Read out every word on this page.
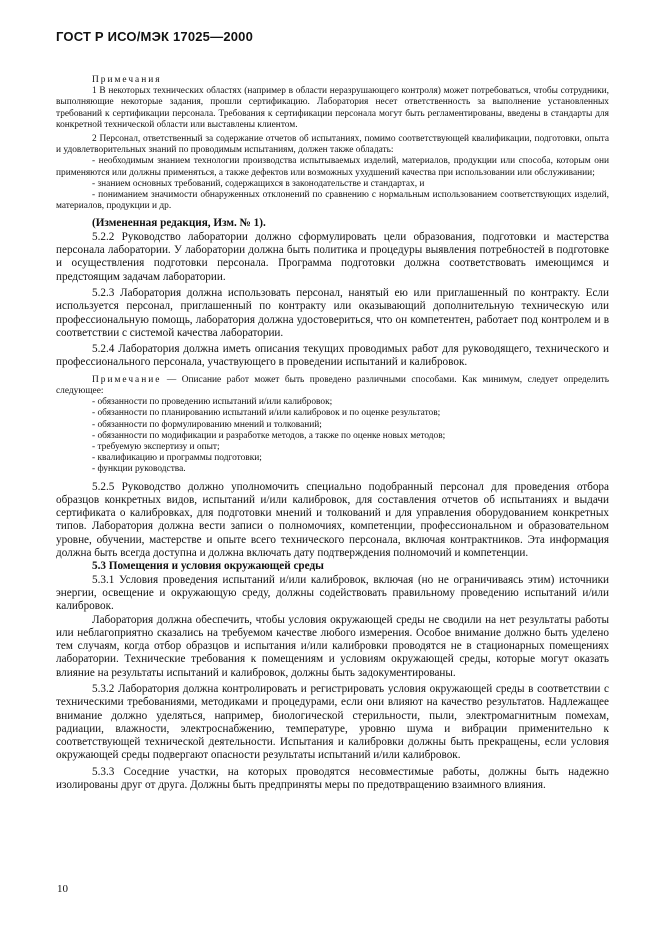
ГОСТ Р ИСО/МЭК 17025—2000

Примечания

1 В некоторых технических областях (например в области неразрушающего контроля) может потребоваться, чтобы сотрудники, выполняющие некоторые задания, прошли сертификацию. Лаборатория несет ответственность за выполнение установленных требований к сертификации персонала. Требования к сертификации персонала могут быть регламентированы, введены в стандарты для конкретной технической области или выставлены клиентом.

2 Персонал, ответственный за содержание отчетов об испытаниях, помимо соответствующей квалификации, подготовки, опыта и удовлетворительных знаний по проводимым испытаниям, должен также обладать:

- необходимым знанием технологии производства испытываемых изделий, материалов, продукции или способа, которым они применяются или должны применяться, а также дефектов или возможных ухудшений качества при использовании или обслуживании;

- знанием основных требований, содержащихся в законодательстве и стандартах, и

- пониманием значимости обнаруженных отклонений по сравнению с нормальным использованием соответствующих изделий, материалов, продукции и др.

(Измененная редакция, Изм. № 1).

5.2.2 Руководство лаборатории должно сформулировать цели образования, подготовки и мастерства персонала лаборатории. У лаборатории должна быть политика и процедуры выявления потребностей в подготовке и осуществления подготовки персонала. Программа подготовки должна соответствовать имеющимся и предстоящим задачам лаборатории.

5.2.3 Лаборатория должна использовать персонал, нанятый ею или приглашенный по контракту. Если используется персонал, приглашенный по контракту или оказывающий дополнительную техническую или профессиональную помощь, лаборатория должна удостовериться, что он компетентен, работает под контролем и в соответствии с системой качества лаборатории.

5.2.4 Лаборатория должна иметь описания текущих проводимых работ для руководящего, технического и профессионального персонала, участвующего в проведении испытаний и калибровок.

Примечание — Описание работ может быть проведено различными способами. Как минимум, следует определить следующее:

- обязанности по проведению испытаний и/или калибровок;

- обязанности по планированию испытаний и/или калибровок и по оценке результатов;

- обязанности по формулированию мнений и толкований;

- обязанности по модификации и разработке методов, а также по оценке новых методов;

- требуемую экспертизу и опыт;

- квалификацию и программы подготовки;

- функции руководства.

5.2.5 Руководство должно уполномочить специально подобранный персонал для проведения отбора образцов конкретных видов, испытаний и/или калибровок, для составления отчетов об испытаниях и выдачи сертификата о калибровках, для подготовки мнений и толкований и для управления оборудованием конкретных типов. Лаборатория должна вести записи о полномочиях, компетенции, профессиональном и образовательном уровне, обучении, мастерстве и опыте всего технического персонала, включая контрактников. Эта информация должна быть всегда доступна и должна включать дату подтверждения полномочий и компетенции.

5.3 Помещения и условия окружающей среды

5.3.1 Условия проведения испытаний и/или калибровок, включая (но не ограничиваясь этим) источники энергии, освещение и окружающую среду, должны содействовать правильному проведению испытаний и/или калибровок.

Лаборатория должна обеспечить, чтобы условия окружающей среды не сводили на нет результаты работы или неблагоприятно сказались на требуемом качестве любого измерения. Особое внимание должно быть уделено тем случаям, когда отбор образцов и испытания и/или калибровки проводятся не в стационарных помещениях лаборатории. Технические требования к помещениям и условиям окружающей среды, которые могут оказать влияние на результаты испытаний и калибровок, должны быть задокументированы.

5.3.2 Лаборатория должна контролировать и регистрировать условия окружающей среды в соответствии с техническими требованиями, методиками и процедурами, если они влияют на качество результатов. Надлежащее внимание должно уделяться, например, биологической стерильности, пыли, электромагнитным помехам, радиации, влажности, электроснабжению, температуре, уровню шума и вибрации применительно к соответствующей технической деятельности. Испытания и калибровки должны быть прекращены, если условия окружающей среды подвергают опасности результаты испытаний и/или калибровок.

5.3.3 Соседние участки, на которых проводятся несовместимые работы, должны быть надежно изолированы друг от друга. Должны быть предприняты меры по предотвращению взаимного влияния.

10
